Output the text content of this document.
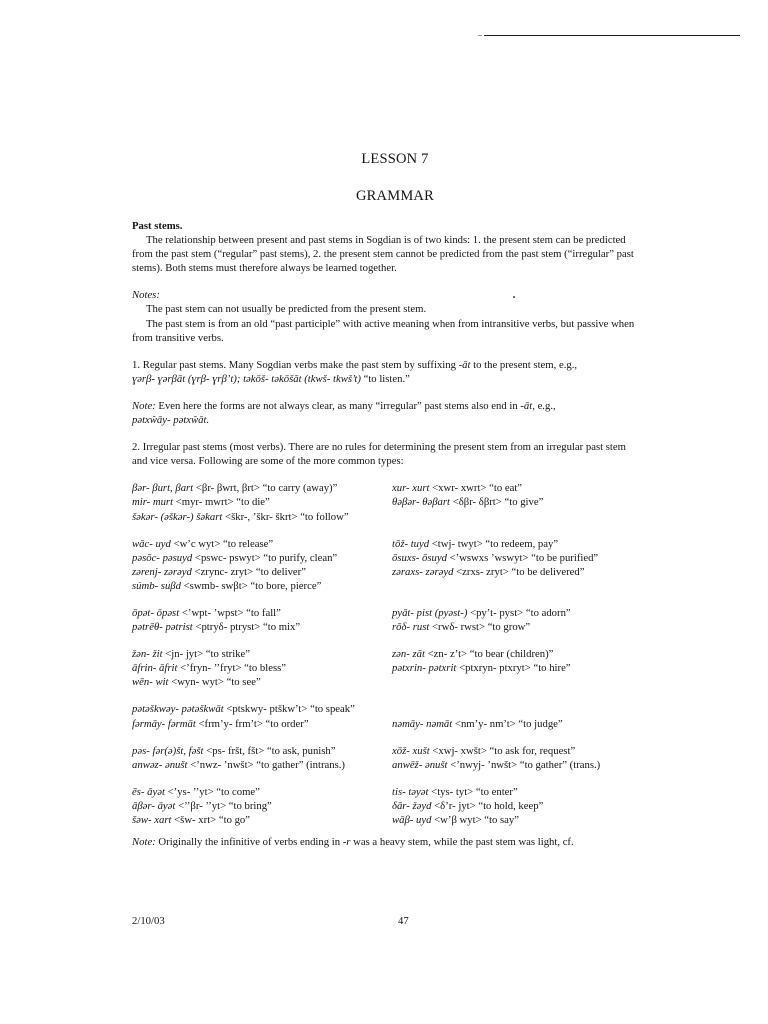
LESSON 7
GRAMMAR

Past stems.

The relationship between present and past stems in Sogdian is of two kinds: 1. the present stem can be predicted from the past stem (“regular” past stems), 2. the present stem cannot be predicted from the past stem (“irregular” past stems). Both stems must therefore always be learned together.

Notes:

The past stem can not usually be predicted from the present stem.

The past stem is from an old “past participle” with active meaning when from intransitive verbs, but passive when from transitive verbs.

1. Regular past stems. Many Sogdian verbs make the past stem by suffixing -āt to the present stem, e.g.,
ɣərβ- ɣərβāt (ɣrβ- ɣrβ’t); təkōš- təkōšāt (tkwš- tkwš’t) “to listen.”

Note: Even here the forms are not always clear, as many “irregular” past stems also end in -āt, e.g.,
pətxŵāy- pətxŵāt.

2. Irregular past stems (most verbs). There are no rules for determining the present stem from an irregular past stem and vice versa. Following are some of the more common types:

βər- βurt, βart <βr- βwrt, βrt> “to carry (away)”	xur- xurt <xwr- xwrt> “to eat”
mir- murt <myr- mwrt> “to die”	θəβər- θəβart <δβr- δβrt> “to give”
šəkər- (əškər-) šəkart <škr-, ’škr- škrt> “to follow”
wāc- uyd <w’c wyt> “to release”	tōž- tuyd <twj- twyt> “to redeem, pay”
pəsōc- pəsuyd <pswc- pswyt> “to purify, clean”	ōsuxs- ōsuyd <’wswxs ’wswyt> “to be purified”
zərenj- zərəyd <zrync- zryt> “to deliver”	zəraxs- zərəyd <zrxs- zryt> “to be delivered”
súmb- suβd <swmb- swβt> “to bore, pierce”
ōpət- ōpəst <’wpt- ’wpst> “to fall”	pyāt- pist (pyəst-) <py’t- pyst> “to adorn”
pətrēθ- pətrist <ptryδ- ptryst> “to mix”	rōδ- rust <rwδ- rwst> “to grow”
žən- žit <jn- jyt> “to strike”	zən- zāt <zn- z’t> “to bear (children)”
āfrin- āfrit <’fryn- ’’fryt> “to bless”	pətxrin- pətxrit <ptxryn- ptxryt> “to hire”
wēn- wit <wyn- wyt> “to see”
pətəškwəy- pətəškwāt <ptskwy- ptškw’t> “to speak”
fərmāy- fərmāt <frm’y- frm’t> “to order”	nəmāy- nəmāt <nm’y- nm’t> “to judge”
pəs- fər(ə)št, fəšt <ps- fršt, fšt> “to ask, punish”	xōž- xušt <xwj- xwšt> “to ask for, request”
anwəz- ənušt <’nwz- ’nwšt> “to gather” (intrans.)	anwēž- ənušt <’nwyj- ’nwšt> “to gather” (trans.)
ēs- āyət <’ys- ’’yt> “to come”	tis- təyət <tys- tyt> “to enter”
āβər- āyət <’’βr- ’’yt> “to bring”	δār- žəyd <δ’r- jyt> “to hold, keep”
šəw- xart <šw- xrt> “to go”	wāβ- uyd <w’β wyt> “to say”

Note: Originally the infinitive of verbs ending in -r was a heavy stem, while the past stem was light, cf.

2/10/03	47
